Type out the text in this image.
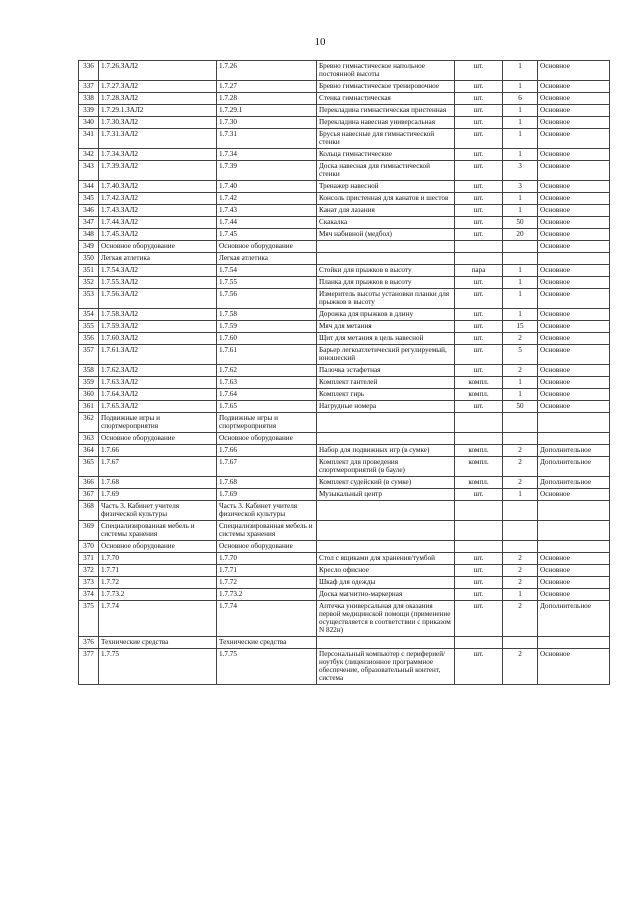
10
336	1.7.26.ЗАЛ2	1.7.26	Бревно гимнастическое напольное постоянной высоты	шт.	1	Основное
337	1.7.27.ЗАЛ2	1.7.27	Бревно гимнастическое тренировочное	шт.	1	Основное
338	1.7.28.ЗАЛ2	1.7.28	Стенка гимнастическая	шт.	6	Основное
339	1.7.29.1.ЗАЛ2	1.7.29.1	Перекладина гимнастическая пристенная	шт.	1	Основное
340	1.7.30.ЗАЛ2	1.7.30	Перекладина навесная универсальная	шт.	1	Основное
341	1.7.31.ЗАЛ2	1.7.31	Брусья навесные для гимнастической стенки	шт.	1	Основное
342	1.7.34.ЗАЛ2	1.7.34	Кольца гимнастические	шт.	1	Основное
343	1.7.39.ЗАЛ2	1.7.39	Доска навесная для гимнастической стенки	шт.	3	Основное
344	1.7.40.ЗАЛ2	1.7.40	Тренажер навесной	шт.	3	Основное
345	1.7.42.ЗАЛ2	1.7.42	Консоль пристенная для канатов и шестов	шт.	1	Основное
346	1.7.43.ЗАЛ2	1.7.43	Канат для лазания	шт.	1	Основное
347	1.7.44.ЗАЛ2	1.7.44	Скакалка	шт.	50	Основное
348	1.7.45.ЗАЛ2	1.7.45	Мяч набивной (медбол)	шт.	20	Основное
349	Основное оборудование	Основное оборудование				Основное
350	Легкая атлетика	Легкая атлетика				
351	1.7.54.ЗАЛ2	1.7.54	Стойки для прыжков в высоту	пара	1	Основное
352	1.7.55.ЗАЛ2	1.7.55	Планка для прыжков в высоту	шт.	1	Основное
353	1.7.56.ЗАЛ2	1.7.56	Измеритель высоты установки планки для прыжков в высоту	шт.	1	Основное
354	1.7.58.ЗАЛ2	1.7.58	Дорожка для прыжков в длину	шт.	1	Основное
355	1.7.59.ЗАЛ2	1.7.59	Мяч для метания	шт.	15	Основное
356	1.7.60.ЗАЛ2	1.7.60	Щит для метания в цель навесной	шт.	2	Основное
357	1.7.61.ЗАЛ2	1.7.61	Барьер легкоатлетический регулируемый, юношеский	шт.	5	Основное
358	1.7.62.ЗАЛ2	1.7.62	Палочка эстафетная	шт.	2	Основное
359	1.7.63.ЗАЛ2	1.7.63	Комплект гантелей	компл.	1	Основное
360	1.7.64.ЗАЛ2	1.7.64	Комплект гирь	компл.	1	Основное
361	1.7.65.ЗАЛ2	1.7.65	Нагрудные номера	шт.	50	Основное
362	Подвижные игры и спортмероприятия	Подвижные игры и спортмероприятия				
363	Основное оборудование	Основное оборудование				
364	1.7.66	1.7.66	Набор для подвижных игр (в сумке)	компл.	2	Дополнительное
365	1.7.67	1.7.67	Комплект для проведения спортмероприятий (в бауле)	компл.	2	Дополнительное
366	1.7.68	1.7.68	Комплект судейский (в сумке)	компл.	2	Дополнительное
367	1.7.69	1.7.69	Музыкальный центр	шт.	1	Основное
368	Часть 3. Кабинет учителя физической культуры	Часть 3. Кабинет учителя физической культуры				
369	Специализированная мебель и системы хранения	Специализированная мебель и системы хранения				
370	Основное оборудование	Основное оборудование				
371	1.7.70	1.7.70	Стол с ящиками для хранения/тумбой	шт.	2	Основное
372	1.7.71	1.7.71	Кресло офисное	шт.	2	Основное
373	1.7.72	1.7.72	Шкаф для одежды	шт.	2	Основное
374	1.7.73.2	1.7.73.2	Доска магнитно-маркерная	шт.	1	Основное
375	1.7.74	1.7.74	Аптечка универсальная для оказания первой медицинской помощи (применение осуществляется в соответствии с приказом N 822н)	шт.	2	Дополнительное
376	Технические средства	Технические средства				
377	1.7.75	1.7.75	Персональный компьютер с периферией/ноутбук (лицензионное программное обеспечение, образовательный контент, система	шт.	2	Основное
